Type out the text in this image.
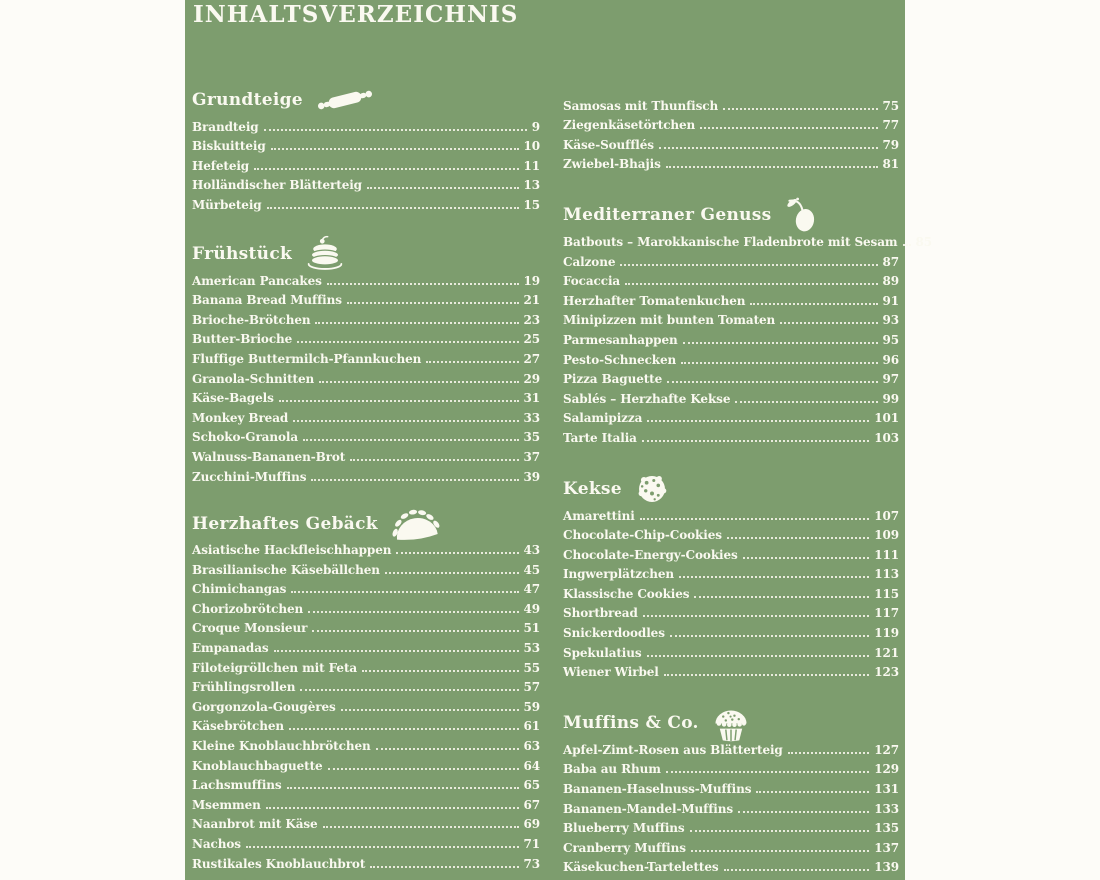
INHALTSVERZEICHNIS
Grundteige
Brandteig	9
Biskuitteig	10
Hefeteig	11
Holländischer Blätterteig	13
Mürbeteig	15
Frühstück
American Pancakes	19
Banana Bread Muffins	21
Brioche-Brötchen	23
Butter-Brioche	25
Fluffige Buttermilch-Pfannkuchen	27
Granola-Schnitten	29
Käse-Bagels	31
Monkey Bread	33
Schoko-Granola	35
Walnuss-Bananen-Brot	37
Zucchini-Muffins	39
Herzhaftes Gebäck
Asiatische Hackfleischhappen	43
Brasilianische Käsebällchen	45
Chimichangas	47
Chorizobrötchen	49
Croque Monsieur	51
Empanadas	53
Filoteigröllchen mit Feta	55
Frühlingsrollen	57
Gorgonzola-Gougères	59
Käsebrötchen	61
Kleine Knoblauchbrötchen	63
Knoblauchbaguette	64
Lachsmuffins	65
Msemmen	67
Naanbrot mit Käse	69
Nachos	71
Rustikales Knoblauchbrot	73
Samosas mit Thunfisch	75
Ziegenkäsetörtchen	77
Käse-Soufflés	79
Zwiebel-Bhajis	81
Mediterraner Genuss
Batbouts – Marokkanische Fladenbrote mit Sesam 85
Calzone	87
Focaccia	89
Herzhafter Tomatenkuchen	91
Minipizzen mit bunten Tomaten	93
Parmesanhappen	95
Pesto-Schnecken	96
Pizza Baguette	97
Sablés – Herzhafte Kekse	99
Salamipizza	101
Tarte Italia	103
Kekse
Amarettini	107
Chocolate-Chip-Cookies	109
Chocolate-Energy-Cookies	111
Ingwerplätzchen	113
Klassische Cookies	115
Shortbread	117
Snickerdoodles	119
Spekulatius	121
Wiener Wirbel	123
Muffins & Co.
Apfel-Zimt-Rosen aus Blätterteig	127
Baba au Rhum	129
Bananen-Haselnuss-Muffins	131
Bananen-Mandel-Muffins	133
Blueberry Muffins	135
Cranberry Muffins	137
Käsekuchen-Tartelettes	139
